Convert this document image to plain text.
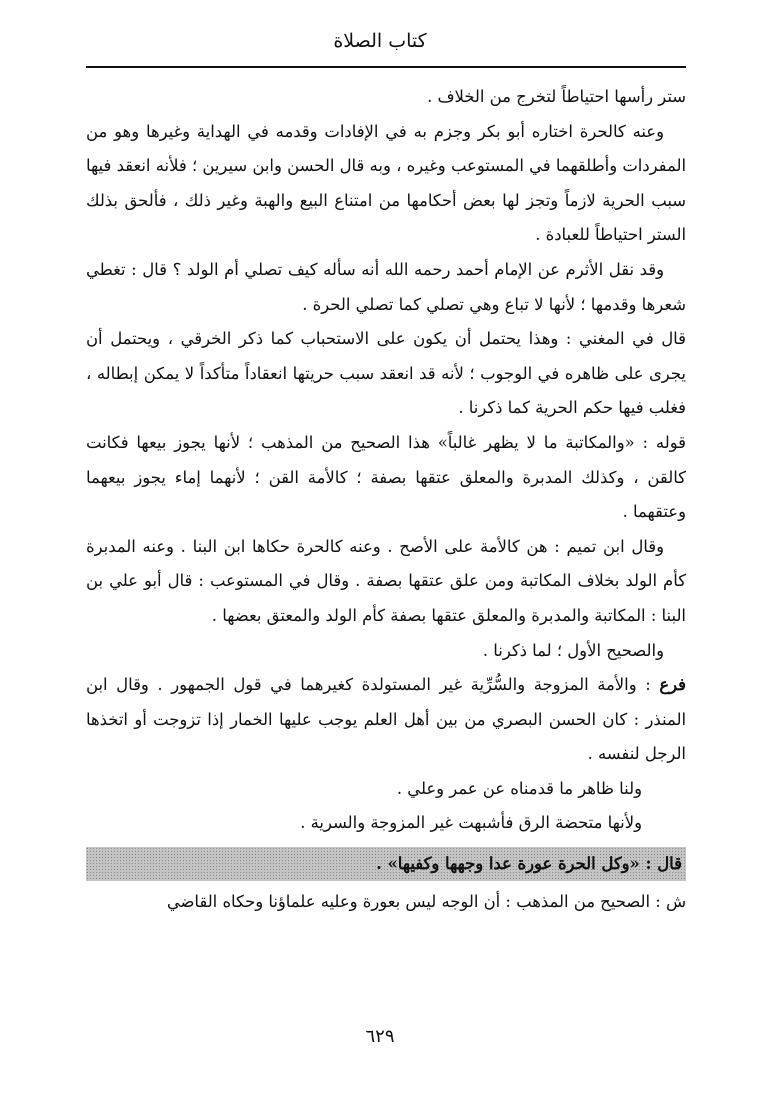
كتاب الصلاة

ستر رأسها احتياطاً لتخرج من الخلاف .

وعنه كالحرة اختاره أبو بكر وجزم به في الإفادات وقدمه في الهداية وغيرها وهو من المفردات وأطلقهما في المستوعب وغيره ، وبه قال الحسن وابن سيرين ؛ فلأنه انعقد فيها سبب الحرية لازماً وتجز لها بعض أحكامها من امتناع البيع والهبة وغير ذلك ، فألحق بذلك الستر احتياطاً للعبادة .

وقد نقل الأثرم عن الإمام أحمد رحمه الله أنه سأله كيف تصلي أم الولد ؟ قال : تغطي شعرها وقدمها ؛ لأنها لا تباع وهي تصلي كما تصلي الحرة .

قال في المغني : وهذا يحتمل أن يكون على الاستحباب كما ذكر الخرقي ، ويحتمل أن يجرى على ظاهره في الوجوب ؛ لأنه قد انعقد سبب حريتها انعقاداً متأكداً لا يمكن إبطاله ، فغلب فيها حكم الحرية كما ذكرنا .

قوله : «والمكاتبة ما لا يظهر غالباً» هذا الصحيح من المذهب ؛ لأنها يجوز بيعها فكانت كالقن ، وكذلك المدبرة والمعلق عتقها بصفة ؛ كالأمة القن ؛ لأنهما إماء يجوز بيعهما وعتقهما .

وقال ابن تميم : هن كالأمة على الأصح . وعنه كالحرة حكاها ابن البنا . وعنه المدبرة كأم الولد بخلاف المكاتبة ومن علق عتقها بصفة . وقال في المستوعب : قال أبو علي بن البنا : المكاتبة والمدبرة والمعلق عتقها بصفة كأم الولد والمعتق بعضها .

والصحيح الأول ؛ لما ذكرنا .

فرع : والأمة المزوجة والسُّرِّية غير المستولدة كغيرهما في قول الجمهور . وقال ابن المنذر : كان الحسن البصري من بين أهل العلم يوجب عليها الخمار إذا تزوجت أو اتخذها الرجل لنفسه .

ولنا ظاهر ما قدمناه عن عمر وعلي .

ولأنها متحضة الرق فأشبهت غير المزوجة والسرية .

قال : «وكل الحرة عورة عدا وجهها وكفيها» .

ش : الصحيح من المذهب : أن الوجه ليس بعورة وعليه علماؤنا وحكاه القاضي

٦٢٩
